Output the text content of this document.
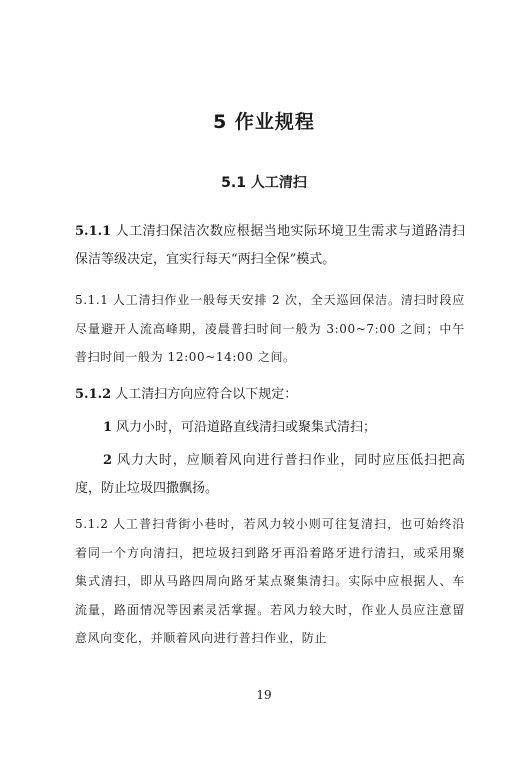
5 作业规程
5.1 人工清扫
5.1.1 人工清扫保洁次数应根据当地实际环境卫生需求与道路清扫保洁等级决定，宜实行每天“两扫全保”模式。
5.1.1 人工清扫作业一般每天安排 2 次，全天巡回保洁。清扫时段应尽量避开人流高峰期，凌晨普扫时间一般为 3:00~7:00 之间；中午普扫时间一般为 12:00~14:00 之间。
5.1.2 人工清扫方向应符合以下规定：
1 风力小时，可沿道路直线清扫或聚集式清扫；
2 风力大时，应顺着风向进行普扫作业，同时应压低扫把高度，防止垃圾四撒飘扬。
5.1.2 人工普扫背街小巷时，若风力较小则可往复清扫，也可始终沿着同一个方向清扫，把垃圾扫到路牙再沿着路牙进行清扫，或采用聚集式清扫，即从马路四周向路牙某点聚集清扫。实际中应根据人、车流量，路面情况等因素灵活掌握。若风力较大时，作业人员应注意留意风向变化，并顺着风向进行普扫作业，防止
19
